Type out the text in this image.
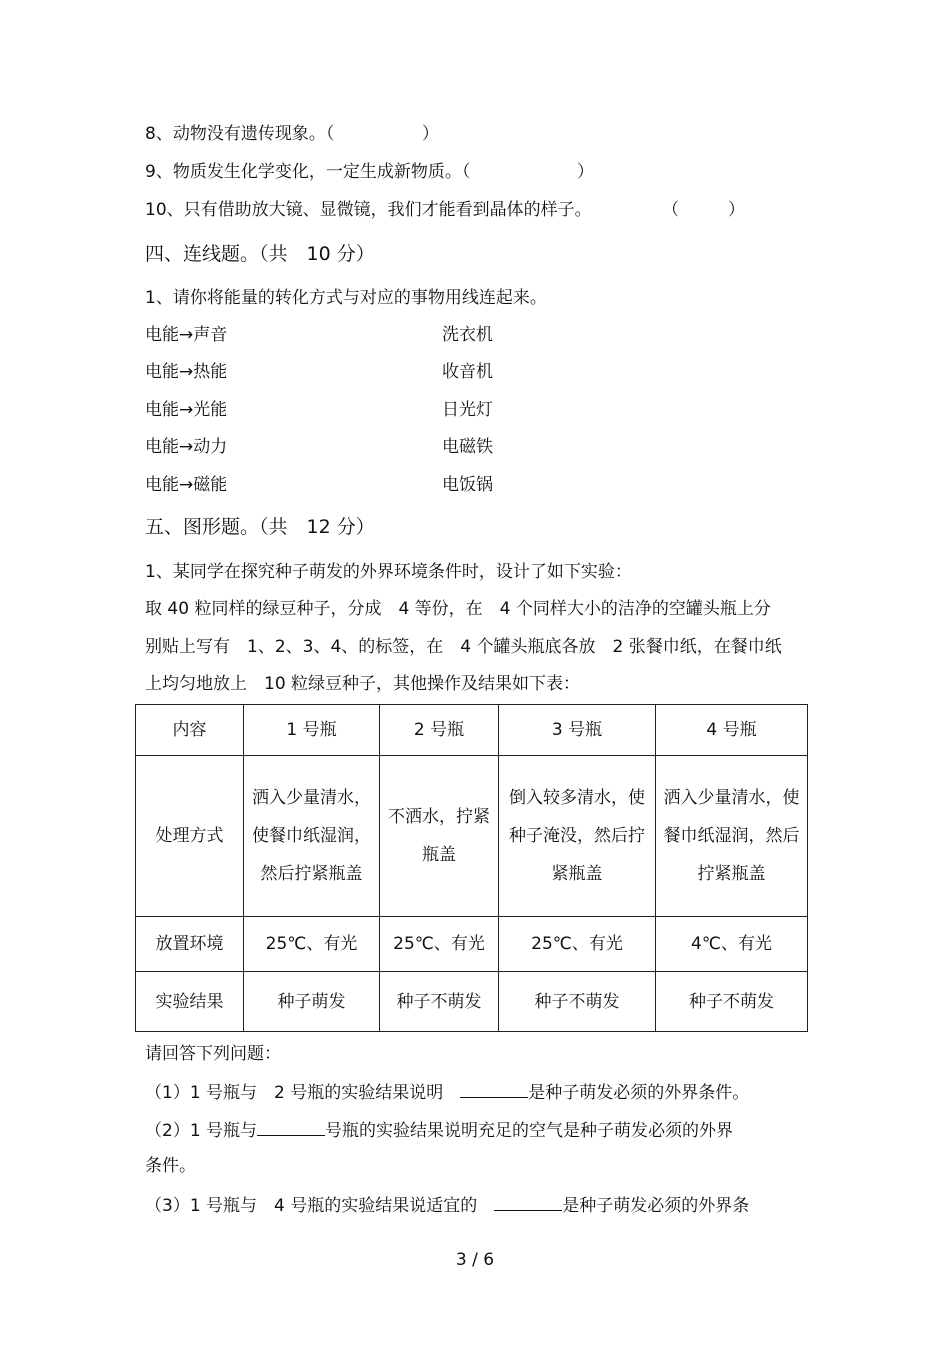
8、动物没有遗传现象。（	）
9、物质发生化学变化，一定生成新物质。（	）
10、只有借助放大镜、显微镜，我们才能看到晶体的样子。	（	）
四、连线题。（共　10 分）
1、请你将能量的转化方式与对应的事物用线连起来。
电能→声音	洗衣机
电能→热能	收音机
电能→光能	日光灯
电能→动力	电磁铁
电能→磁能	电饭锅
五、图形题。（共　12 分）
1、某同学在探究种子萌发的外界环境条件时，设计了如下实验：
取 40 粒同样的绿豆种子，分成　4 等份，在　4 个同样大小的洁净的空罐头瓶上分
别贴上写有　1、2、3、4、的标签，在　4 个罐头瓶底各放　2 张餐巾纸，在餐巾纸
上均匀地放上　10 粒绿豆种子，其他操作及结果如下表：
内容	1 号瓶	2 号瓶	3 号瓶	4 号瓶
处理方式	洒入少量清水，使餐巾纸湿润，然后拧紧瓶盖	不洒水，拧紧瓶盖	倒入较多清水，使种子淹没，然后拧紧瓶盖	洒入少量清水，使餐巾纸湿润，然后拧紧瓶盖
放置环境	25℃、有光	25℃、有光	25℃、有光	4℃、有光
实验结果	种子萌发	种子不萌发	种子不萌发	种子不萌发
请回答下列问题：
（1）1 号瓶与　2 号瓶的实验结果说明　	是种子萌发必须的外界条件。
（2）1 号瓶与	号瓶的实验结果说明充足的空气是种子萌发必须的外界
条件。
（3）1 号瓶与　4 号瓶的实验结果说适宜的　	是种子萌发必须的外界条
3 / 6
